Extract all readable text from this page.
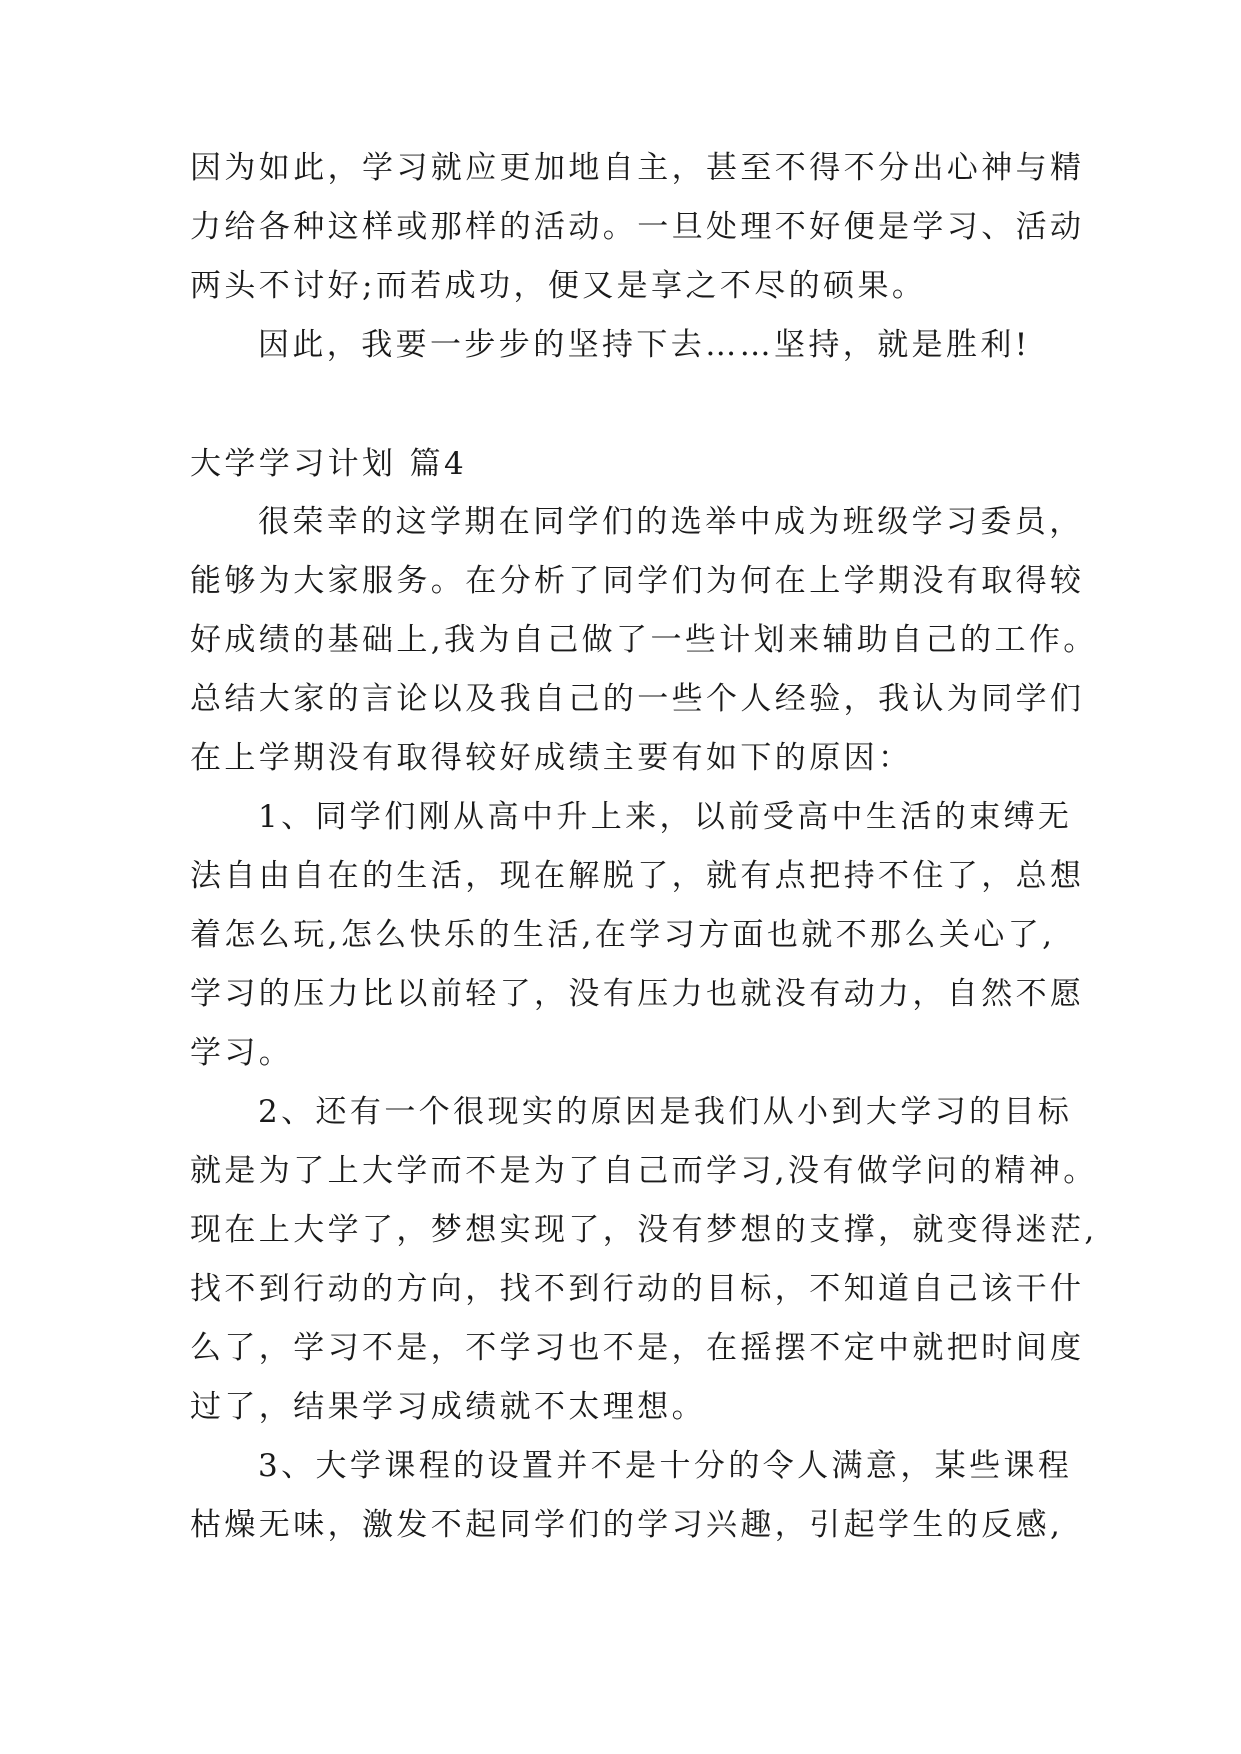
因为如此，学习就应更加地自主，甚至不得不分出心神与精
力给各种这样或那样的活动。一旦处理不好便是学习、活动
两头不讨好;而若成功，便又是享之不尽的硕果。
因此，我要一步步的坚持下去……坚持，就是胜利!
大学学习计划 篇4
很荣幸的这学期在同学们的选举中成为班级学习委员，
能够为大家服务。在分析了同学们为何在上学期没有取得较
好成绩的基础上,我为自己做了一些计划来辅助自己的工作。
总结大家的言论以及我自己的一些个人经验，我认为同学们
在上学期没有取得较好成绩主要有如下的原因：
1、同学们刚从高中升上来，以前受高中生活的束缚无
法自由自在的生活，现在解脱了，就有点把持不住了，总想
着怎么玩,怎么快乐的生活,在学习方面也就不那么关心了,
学习的压力比以前轻了，没有压力也就没有动力，自然不愿
学习。
2、还有一个很现实的原因是我们从小到大学习的目标
就是为了上大学而不是为了自己而学习,没有做学问的精神。
现在上大学了，梦想实现了，没有梦想的支撑，就变得迷茫,
找不到行动的方向，找不到行动的目标，不知道自己该干什
么了，学习不是，不学习也不是，在摇摆不定中就把时间度
过了，结果学习成绩就不太理想。
3、大学课程的设置并不是十分的令人满意，某些课程
枯燥无味，激发不起同学们的学习兴趣，引起学生的反感,
